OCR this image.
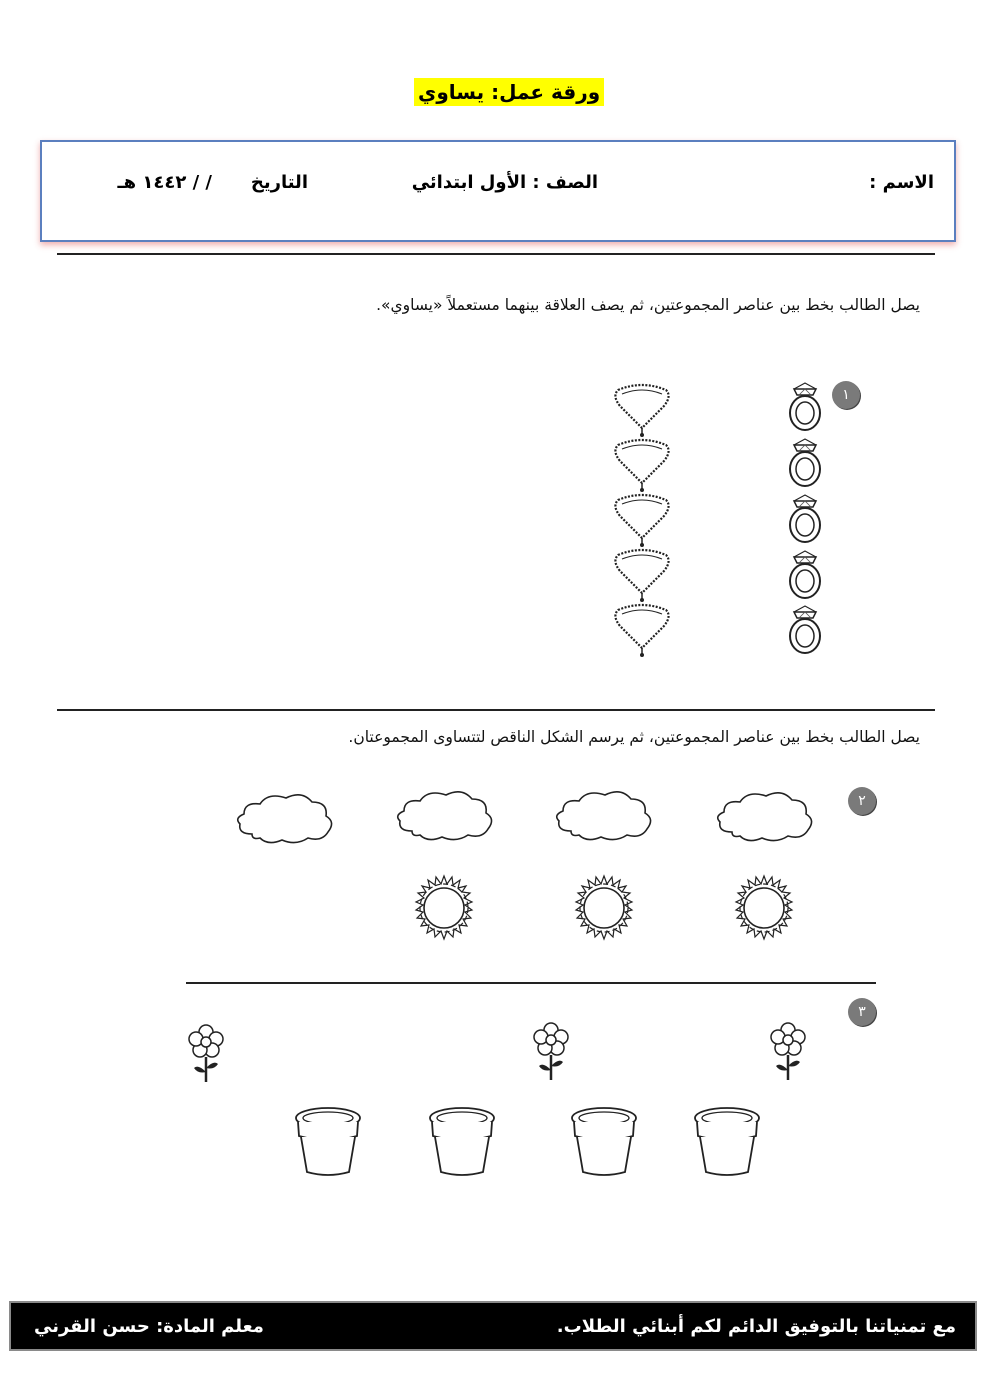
ورقة عمل: يساوي
الاسم :
الصف : الأول ابتدائي
التاريخ
/ / ١٤٤٢ هـ
يصل الطالب بخط بين عناصر المجموعتين، ثم يصف العلاقة بينهما مستعملاً «يساوي».
١
يصل الطالب بخط بين عناصر المجموعتين، ثم يرسم الشكل الناقص لتتساوى المجموعتان.
٢
٣
مع تمنياتنا بالتوفيق الدائم لكم أبنائي الطلاب.
معلم المادة: حسن القرني
